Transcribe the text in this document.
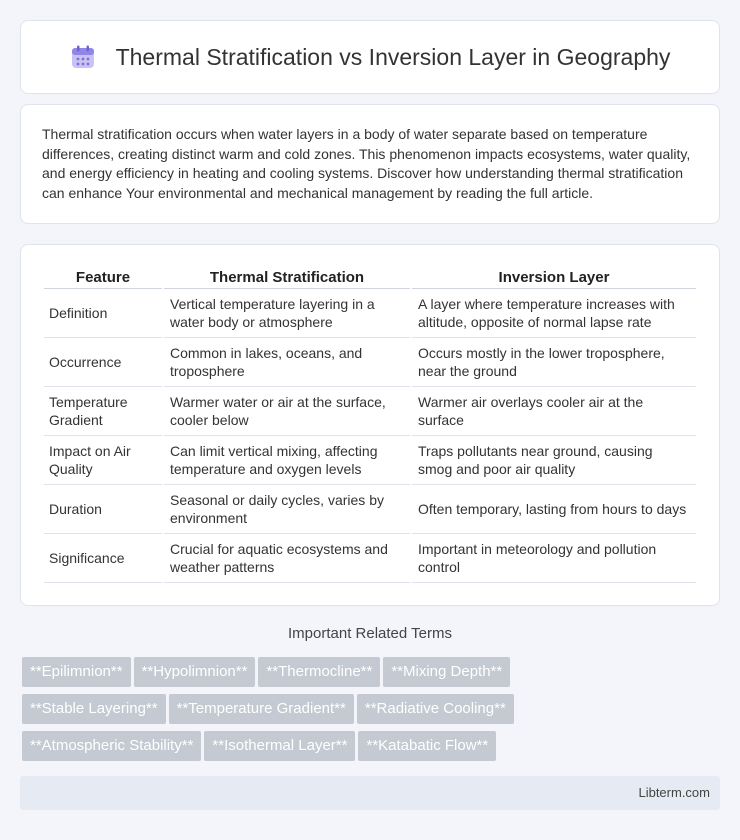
Thermal Stratification vs Inversion Layer in Geography

Thermal stratification occurs when water layers in a body of water separate based on temperature differences, creating distinct warm and cold zones. This phenomenon impacts ecosystems, water quality, and energy efficiency in heating and cooling systems. Discover how understanding thermal stratification can enhance Your environmental and mechanical management by reading the full article.

Feature	Thermal Stratification	Inversion Layer
Definition	Vertical temperature layering in a water body or atmosphere	A layer where temperature increases with altitude, opposite of normal lapse rate
Occurrence	Common in lakes, oceans, and troposphere	Occurs mostly in the lower troposphere, near the ground
Temperature Gradient	Warmer water or air at the surface, cooler below	Warmer air overlays cooler air at the surface
Impact on Air Quality	Can limit vertical mixing, affecting temperature and oxygen levels	Traps pollutants near ground, causing smog and poor air quality
Duration	Seasonal or daily cycles, varies by environment	Often temporary, lasting from hours to days
Significance	Crucial for aquatic ecosystems and weather patterns	Important in meteorology and pollution control
Important Related Terms
**Epilimnion** **Hypolimnion** **Thermocline** **Mixing Depth**
**Stable Layering** **Temperature Gradient** **Radiative Cooling**
**Atmospheric Stability** **Isothermal Layer** **Katabatic Flow**
Libterm.com
